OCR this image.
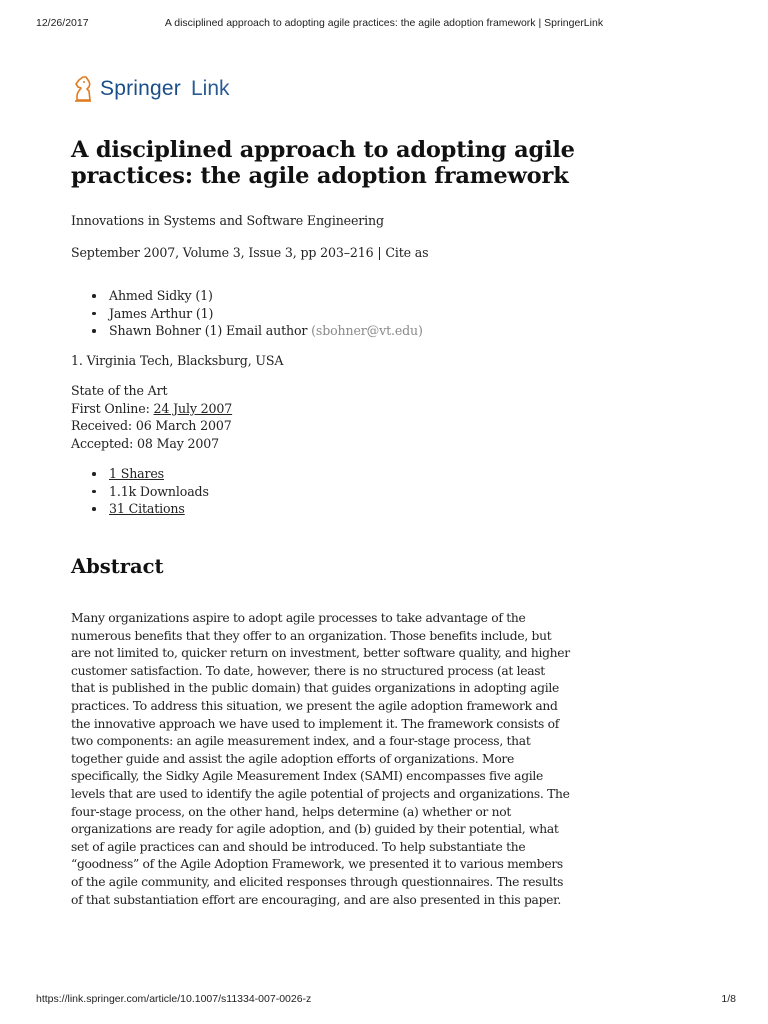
12/26/2017	A disciplined approach to adopting agile practices: the agile adoption framework | SpringerLink
Springer Link
A disciplined approach to adopting agile practices: the agile adoption framework
Innovations in Systems and Software Engineering
September 2007, Volume 3, Issue 3, pp 203–216 | Cite as
Ahmed Sidky (1)
James Arthur (1)
Shawn Bohner (1) Email author (sbohner@vt.edu)
1. Virginia Tech, Blacksburg, USA
State of the Art
First Online: 24 July 2007
Received: 06 March 2007
Accepted: 08 May 2007
1 Shares
1.1k Downloads
31 Citations
Abstract

Many organizations aspire to adopt agile processes to take advantage of the numerous benefits that they offer to an organization. Those benefits include, but are not limited to, quicker return on investment, better software quality, and higher customer satisfaction. To date, however, there is no structured process (at least that is published in the public domain) that guides organizations in adopting agile practices. To address this situation, we present the agile adoption framework and the innovative approach we have used to implement it. The framework consists of two components: an agile measurement index, and a four-stage process, that together guide and assist the agile adoption efforts of organizations. More specifically, the Sidky Agile Measurement Index (SAMI) encompasses five agile levels that are used to identify the agile potential of projects and organizations. The four-stage process, on the other hand, helps determine (a) whether or not organizations are ready for agile adoption, and (b) guided by their potential, what set of agile practices can and should be introduced. To help substantiate the “goodness” of the Agile Adoption Framework, we presented it to various members of the agile community, and elicited responses through questionnaires. The results of that substantiation effort are encouraging, and are also presented in this paper.

https://link.springer.com/article/10.1007/s11334-007-0026-z	1/8
